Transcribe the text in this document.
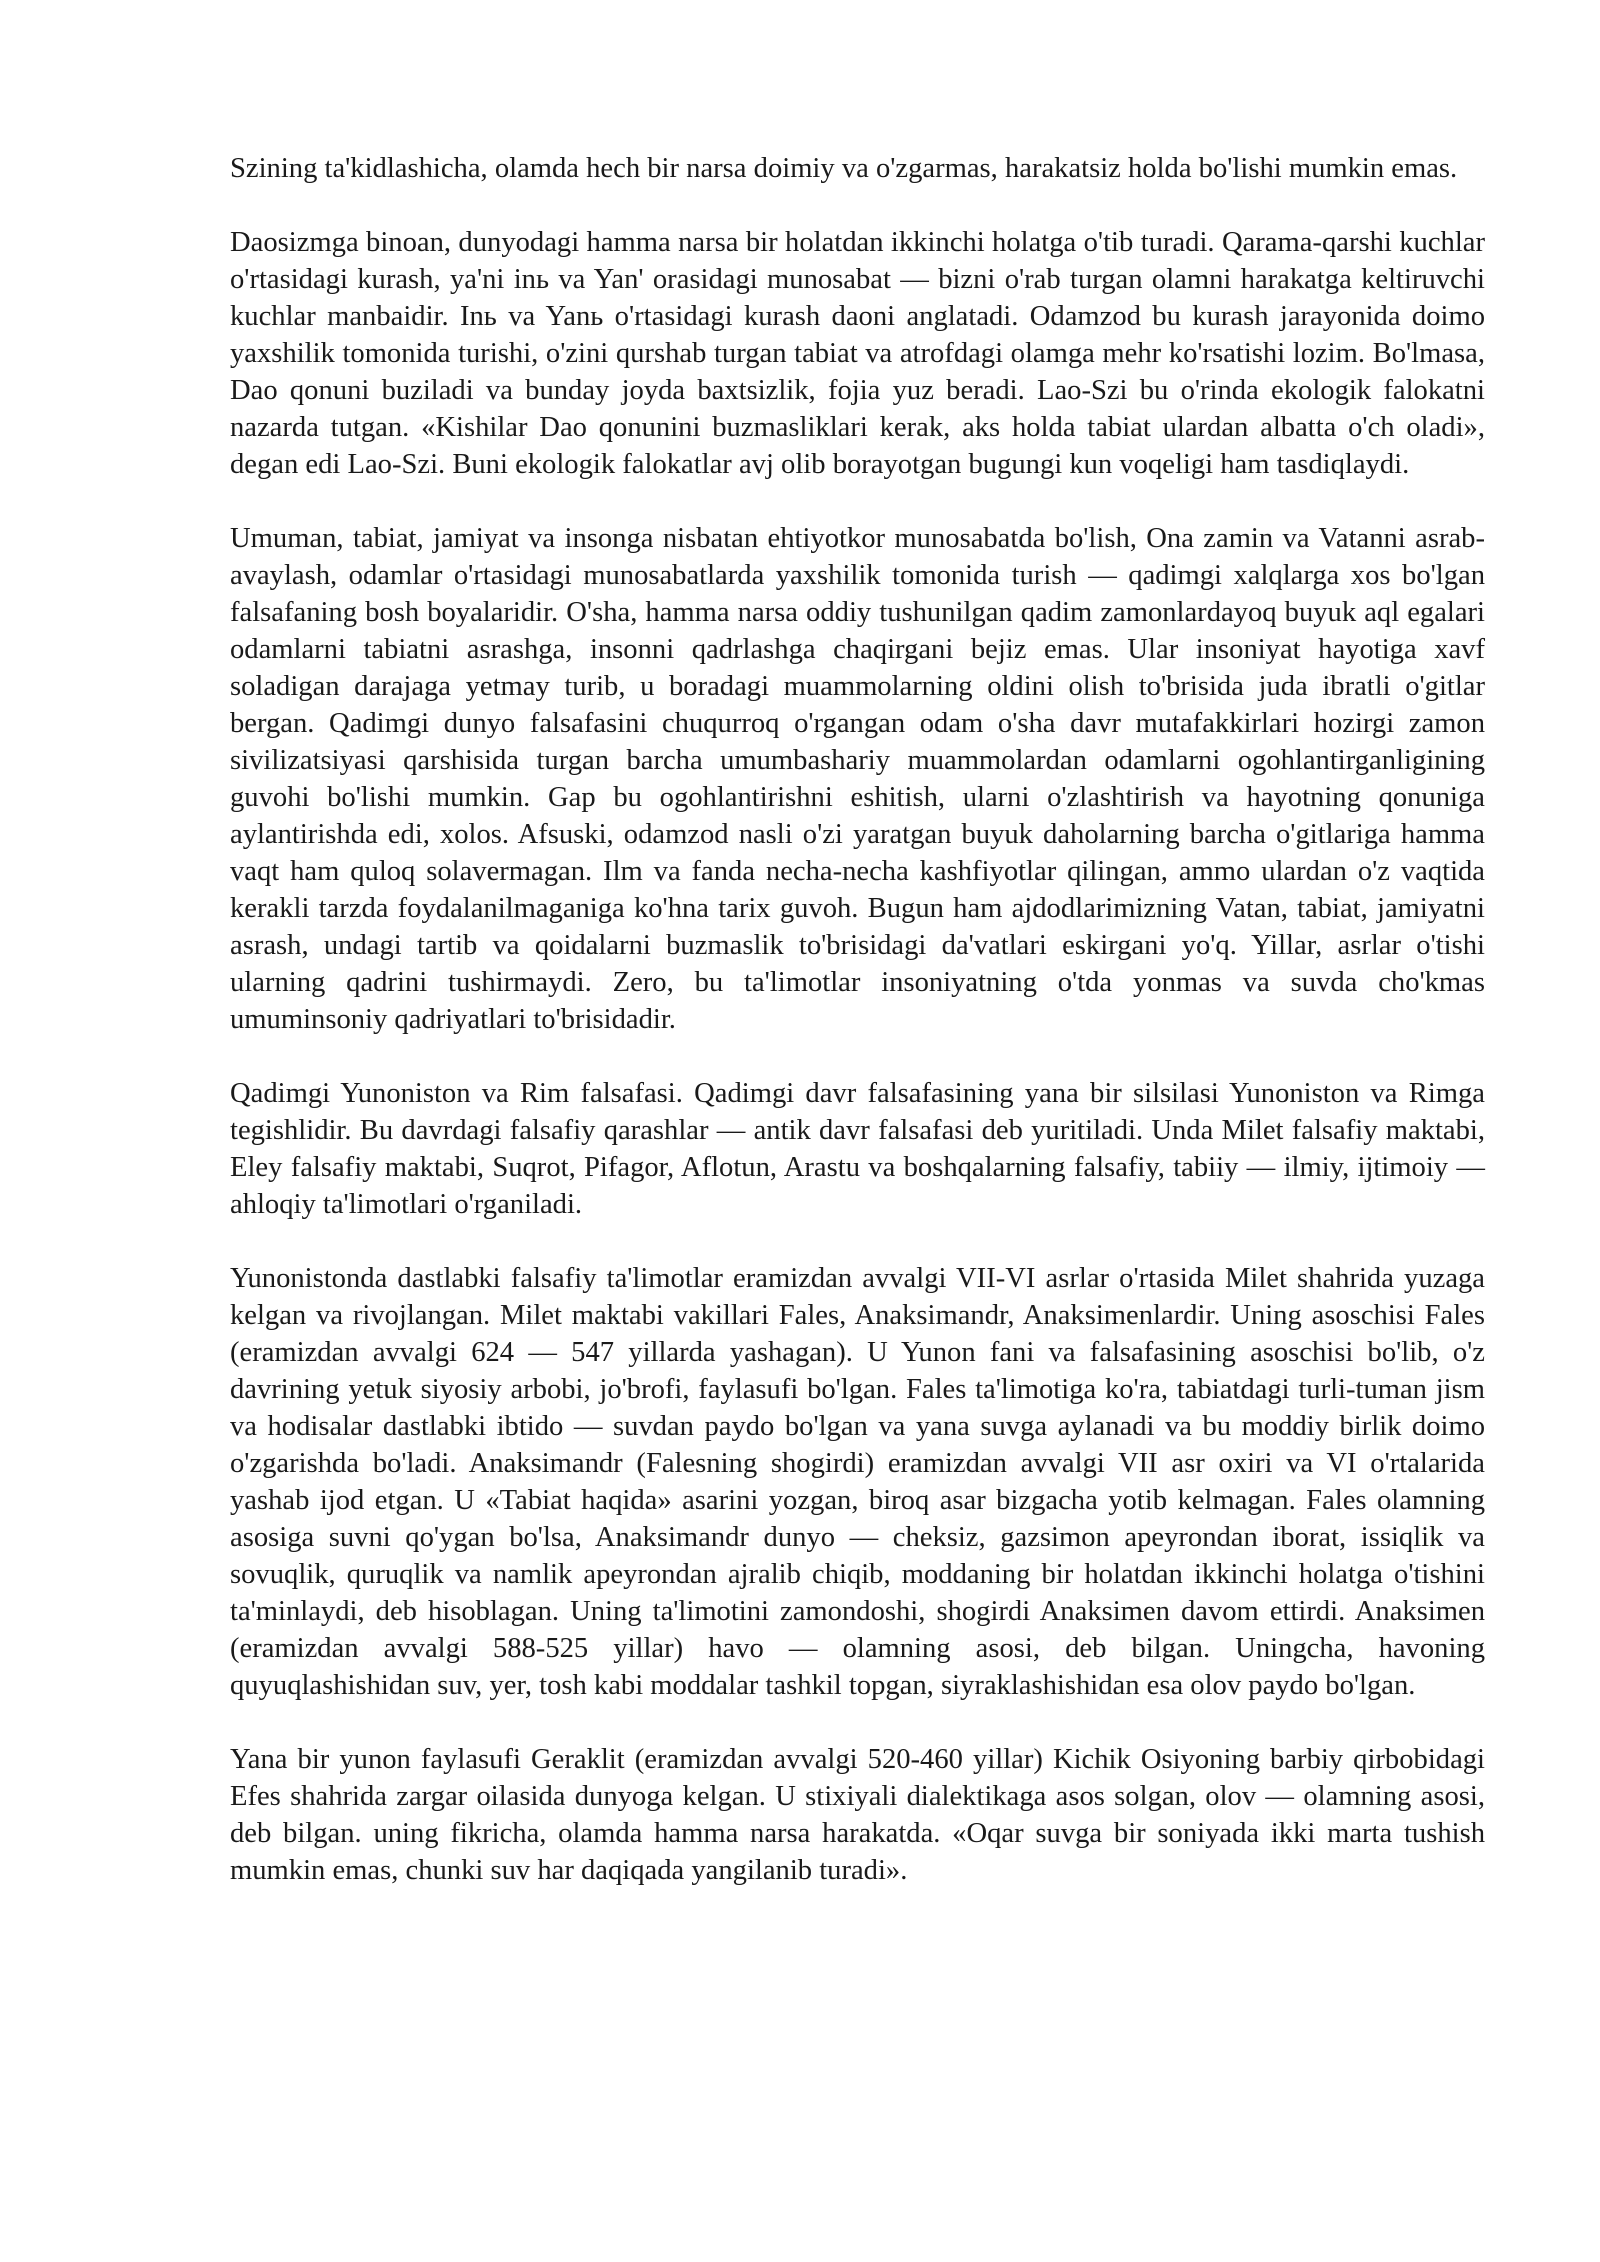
Szining ta'kidlashicha, olamda hech bir narsa doimiy va o'zgarmas, harakatsiz holda bo'lishi mumkin emas.

Daosizmga binoan, dunyodagi hamma narsa bir holatdan ikkinchi holatga o'tib turadi. Qarama-qarshi kuchlar o'rtasidagi kurash, ya'ni inь va Yan' orasidagi munosabat — bizni o'rab turgan olamni harakatga keltiruvchi kuchlar manbaidir. Inь va Yanь o'rtasidagi kurash daoni anglatadi. Odamzod bu kurash jarayonida doimo yaxshilik tomonida turishi, o'zini qurshab turgan tabiat va atrofdagi olamga mehr ko'rsatishi lozim. Bo'lmasa, Dao qonuni buziladi va bunday joyda baxtsizlik, fojia yuz beradi. Lao-Szi bu o'rinda ekologik falokatni nazarda tutgan. «Kishilar Dao qonunini buzmasliklari kerak, aks holda tabiat ulardan albatta o'ch oladi», degan edi Lao-Szi. Buni ekologik falokatlar avj olib borayotgan bugungi kun voqeligi ham tasdiqlaydi.

Umuman, tabiat, jamiyat va insonga nisbatan ehtiyotkor munosabatda bo'lish, Ona zamin va Vatanni asrab-avaylash, odamlar o'rtasidagi munosabatlarda yaxshilik tomonida turish — qadimgi xalqlarga xos bo'lgan falsafaning bosh boyalaridir. O'sha, hamma narsa oddiy tushunilgan qadim zamonlardayoq buyuk aql egalari odamlarni tabiatni asrashga, insonni qadrlashga chaqirgani bejiz emas. Ular insoniyat hayotiga xavf soladigan darajaga yetmay turib, u boradagi muammolarning oldini olish to'brisida juda ibratli o'gitlar bergan. Qadimgi dunyo falsafasini chuqurroq o'rgangan odam o'sha davr mutafakkirlari hozirgi zamon sivilizatsiyasi qarshisida turgan barcha umumbashariy muammolardan odamlarni ogohlantirganligining guvohi bo'lishi mumkin. Gap bu ogohlantirishni eshitish, ularni o'zlashtirish va hayotning qonuniga aylantirishda edi, xolos. Afsuski, odamzod nasli o'zi yaratgan buyuk daholarning barcha o'gitlariga hamma vaqt ham quloq solavermagan. Ilm va fanda necha-necha kashfiyotlar qilingan, ammo ulardan o'z vaqtida kerakli tarzda foydalanilmaganiga ko'hna tarix guvoh. Bugun ham ajdodlarimizning Vatan, tabiat, jamiyatni asrash, undagi tartib va qoidalarni buzmaslik to'brisidagi da'vatlari eskirgani yo'q. Yillar, asrlar o'tishi ularning qadrini tushirmaydi. Zero, bu ta'limotlar insoniyatning o'tda yonmas va suvda cho'kmas umuminsoniy qadriyatlari to'brisidadir.

Qadimgi Yunoniston va Rim falsafasi. Qadimgi davr falsafasining yana bir silsilasi Yunoniston va Rimga tegishlidir. Bu davrdagi falsafiy qarashlar — antik davr falsafasi deb yuritiladi. Unda Milet falsafiy maktabi, Eley falsafiy maktabi, Suqrot, Pifagor, Aflotun, Arastu va boshqalarning falsafiy, tabiiy — ilmiy, ijtimoiy — ahloqiy ta'limotlari o'rganiladi.

Yunonistonda dastlabki falsafiy ta'limotlar eramizdan avvalgi VII-VI asrlar o'rtasida Milet shahrida yuzaga kelgan va rivojlangan. Milet maktabi vakillari Fales, Anaksimandr, Anaksimenlardir. Uning asoschisi Fales (eramizdan avvalgi 624 — 547 yillarda yashagan). U Yunon fani va falsafasining asoschisi bo'lib, o'z davrining yetuk siyosiy arbobi, jo'brofi, faylasufi bo'lgan. Fales ta'limotiga ko'ra, tabiatdagi turli-tuman jism va hodisalar dastlabki ibtido — suvdan paydo bo'lgan va yana suvga aylanadi va bu moddiy birlik doimo o'zgarishda bo'ladi. Anaksimandr (Falesning shogirdi) eramizdan avvalgi VII asr oxiri va VI o'rtalarida yashab ijod etgan. U «Tabiat haqida» asarini yozgan, biroq asar bizgacha yotib kelmagan. Fales olamning asosiga suvni qo'ygan bo'lsa, Anaksimandr dunyo — cheksiz, gazsimon apeyrondan iborat, issiqlik va sovuqlik, quruqlik va namlik apeyrondan ajralib chiqib, moddaning bir holatdan ikkinchi holatga o'tishini ta'minlaydi, deb hisoblagan. Uning ta'limotini zamondoshi, shogirdi Anaksimen davom ettirdi. Anaksimen (eramizdan avvalgi 588-525 yillar) havo — olamning asosi, deb bilgan. Uningcha, havoning quyuqlashishidan suv, yer, tosh kabi moddalar tashkil topgan, siyraklashishidan esa olov paydo bo'lgan.

Yana bir yunon faylasufi Geraklit (eramizdan avvalgi 520-460 yillar) Kichik Osiyoning barbiy qirbobidagi Efes shahrida zargar oilasida dunyoga kelgan. U stixiyali dialektikaga asos solgan, olov — olamning asosi, deb bilgan. uning fikricha, olamda hamma narsa harakatda. «Oqar suvga bir soniyada ikki marta tushish mumkin emas, chunki suv har daqiqada yangilanib turadi».
